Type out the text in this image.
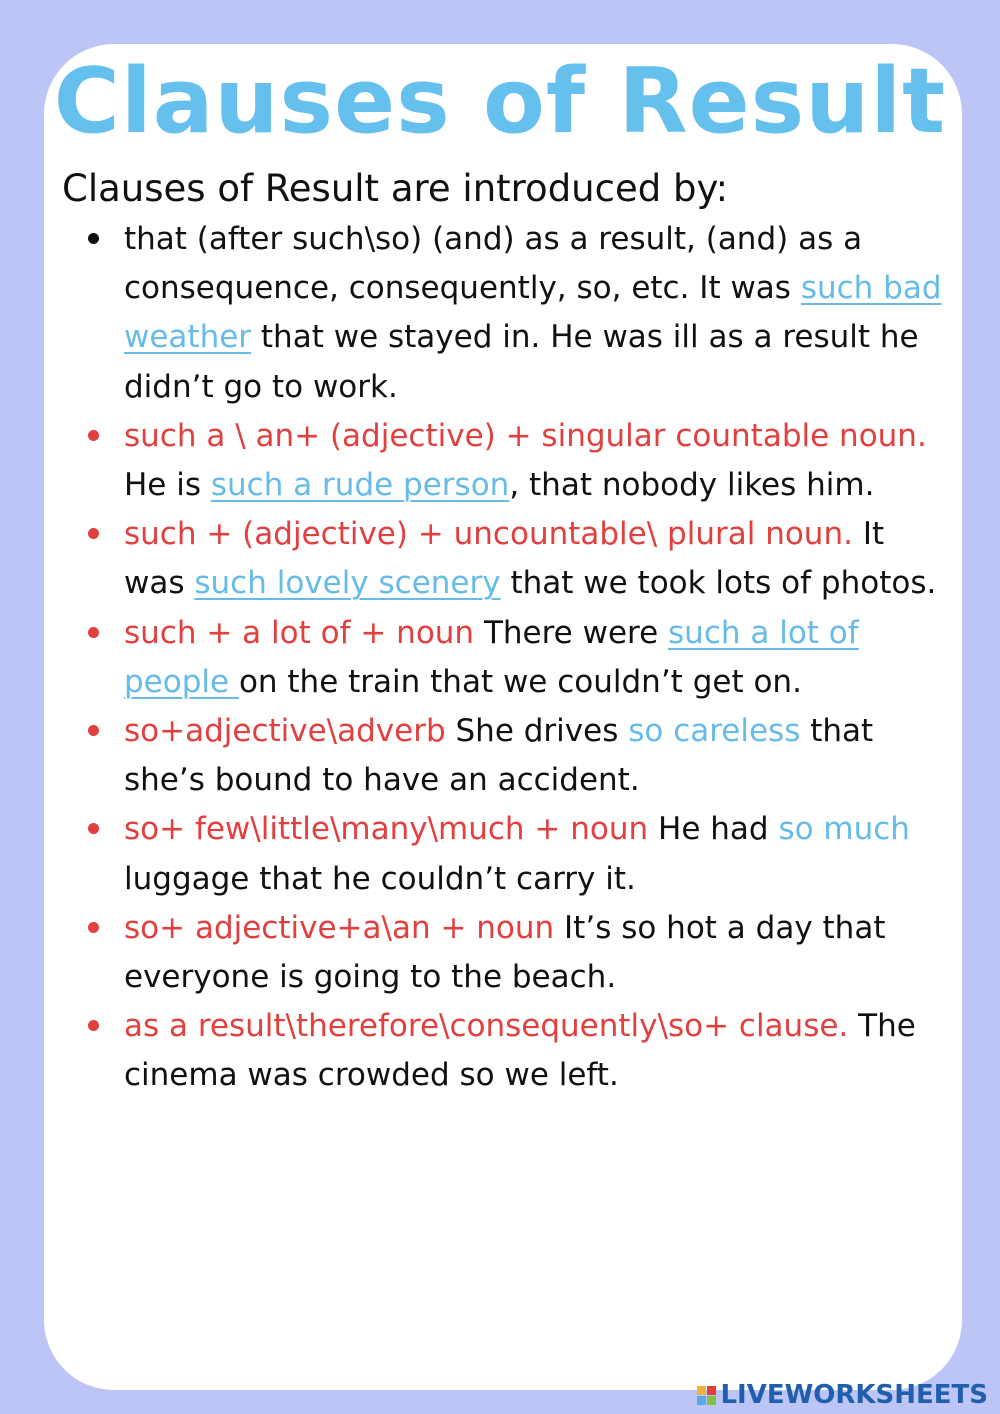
Clauses of Result

Clauses of Result are introduced by:

that (after such\so) (and) as a result, (and) as a consequence, consequently, so, etc. It was such bad weather that we stayed in. He was ill as a result he didn’t go to work.
such a \ an+ (adjective) + singular countable noun. He is such a rude person, that nobody likes him.
such + (adjective) + uncountable\ plural noun. It was such lovely scenery that we took lots of photos.
such + a lot of + noun There were such a lot of people on the train that we couldn’t get on.
so+adjective\adverb She drives so careless that she’s bound to have an accident.
so+ few\little\many\much + noun He had so much luggage that he couldn’t carry it.
so+ adjective+a\an + noun It’s so hot a day that everyone is going to the beach.
as a result\therefore\consequently\so+ clause. The cinema was crowded so we left.
LIVEWORKSHEETS
